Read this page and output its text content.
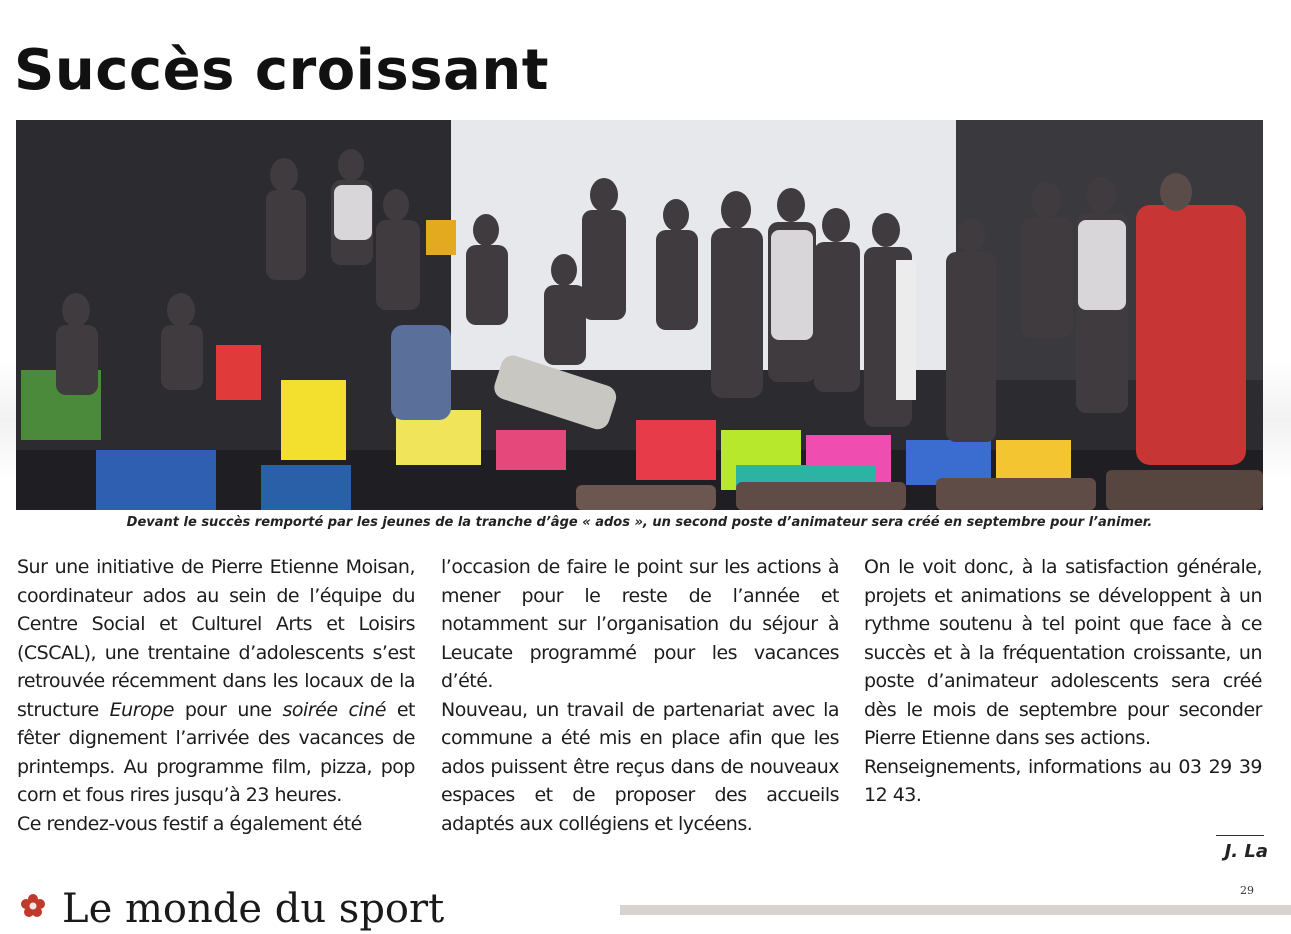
Succès croissant

Devant le succès remporté par les jeunes de la tranche d’âge « ados », un second poste d’animateur sera créé en septembre pour l’animer.

Sur une initiative de Pierre Etienne Moisan, coordinateur ados au sein de l’équipe du Centre Social et Culturel Arts et Loisirs (CSCAL), une trentaine d’adolescents s’est retrouvée récemment dans les locaux de la structure Europe pour une soirée ciné et fêter dignement l’arrivée des vacances de printemps. Au programme film, pizza, pop corn et fous rires jusqu’à 23 heures.

Ce rendez-vous festif a également été

l’occasion de faire le point sur les actions à mener pour le reste de l’année et notamment sur l’organisation du séjour à Leucate programmé pour les vacances d’été.

Nouveau, un travail de partenariat avec la commune a été mis en place afin que les ados puissent être reçus dans de nouveaux espaces et de proposer des accueils adaptés aux collégiens et lycéens.

On le voit donc, à la satisfaction générale, projets et animations se développent à un rythme soutenu à tel point que face à ce succès et à la fréquentation croissante, un poste d’animateur adolescents sera créé dès le mois de septembre pour seconder Pierre Etienne dans ses actions.

Renseignements, informations au 03 29 39 12 43.

J. La

29

Le monde du sport
